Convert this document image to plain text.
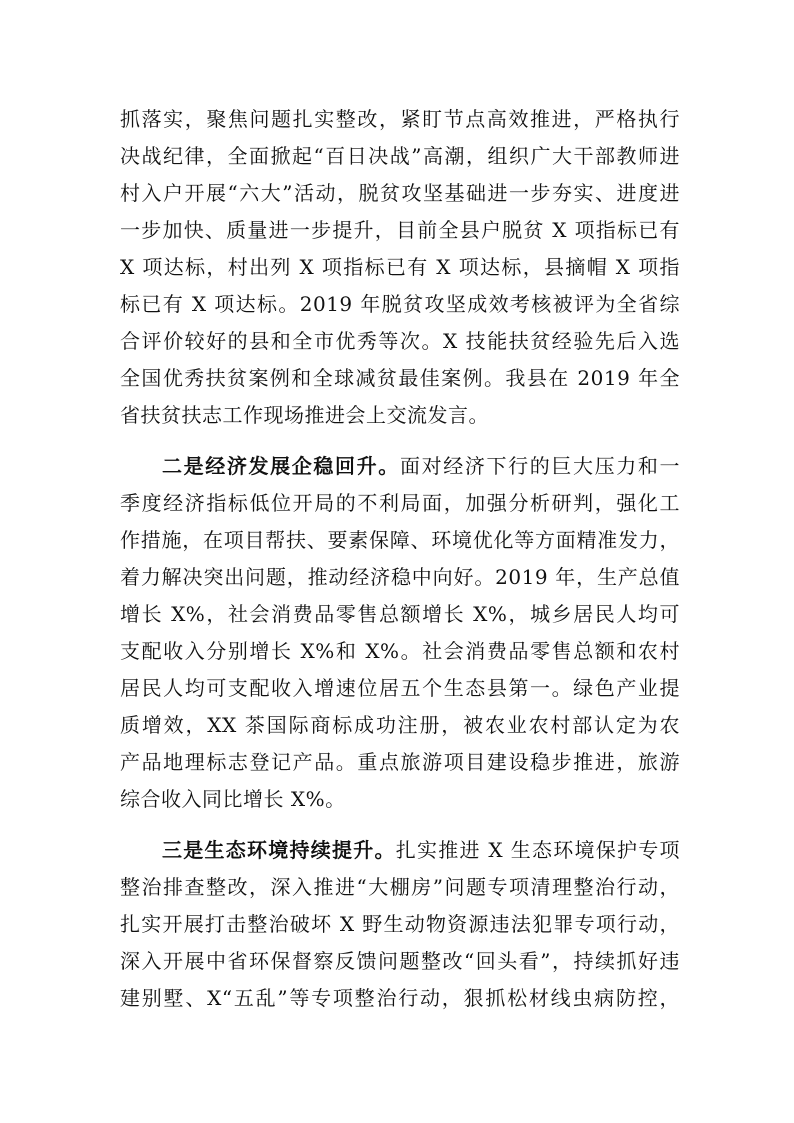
抓落实，聚焦问题扎实整改，紧盯节点高效推进，严格执行
决战纪律，全面掀起“百日决战”高潮，组织广大干部教师进
村入户开展“六大”活动，脱贫攻坚基础进一步夯实、进度进
一步加快、质量进一步提升，目前全县户脱贫 X 项指标已有
X 项达标，村出列 X 项指标已有 X 项达标，县摘帽 X 项指
标已有 X 项达标。2019 年脱贫攻坚成效考核被评为全省综
合评价较好的县和全市优秀等次。X 技能扶贫经验先后入选
全国优秀扶贫案例和全球减贫最佳案例。我县在 2019 年全
省扶贫扶志工作现场推进会上交流发言。
二是经济发展企稳回升。面对经济下行的巨大压力和一
季度经济指标低位开局的不利局面，加强分析研判，强化工
作措施，在项目帮扶、要素保障、环境优化等方面精准发力，
着力解决突出问题，推动经济稳中向好。2019 年，生产总值
增长 X%，社会消费品零售总额增长 X%，城乡居民人均可
支配收入分别增长 X%和 X%。社会消费品零售总额和农村
居民人均可支配收入增速位居五个生态县第一。绿色产业提
质增效，XX 茶国际商标成功注册，被农业农村部认定为农
产品地理标志登记产品。重点旅游项目建设稳步推进，旅游
综合收入同比增长 X%。
三是生态环境持续提升。扎实推进 X 生态环境保护专项
整治排查整改，深入推进“大棚房”问题专项清理整治行动，
扎实开展打击整治破坏 X 野生动物资源违法犯罪专项行动，
深入开展中省环保督察反馈问题整改“回头看”，持续抓好违
建别墅、X“五乱”等专项整治行动，狠抓松材线虫病防控，
